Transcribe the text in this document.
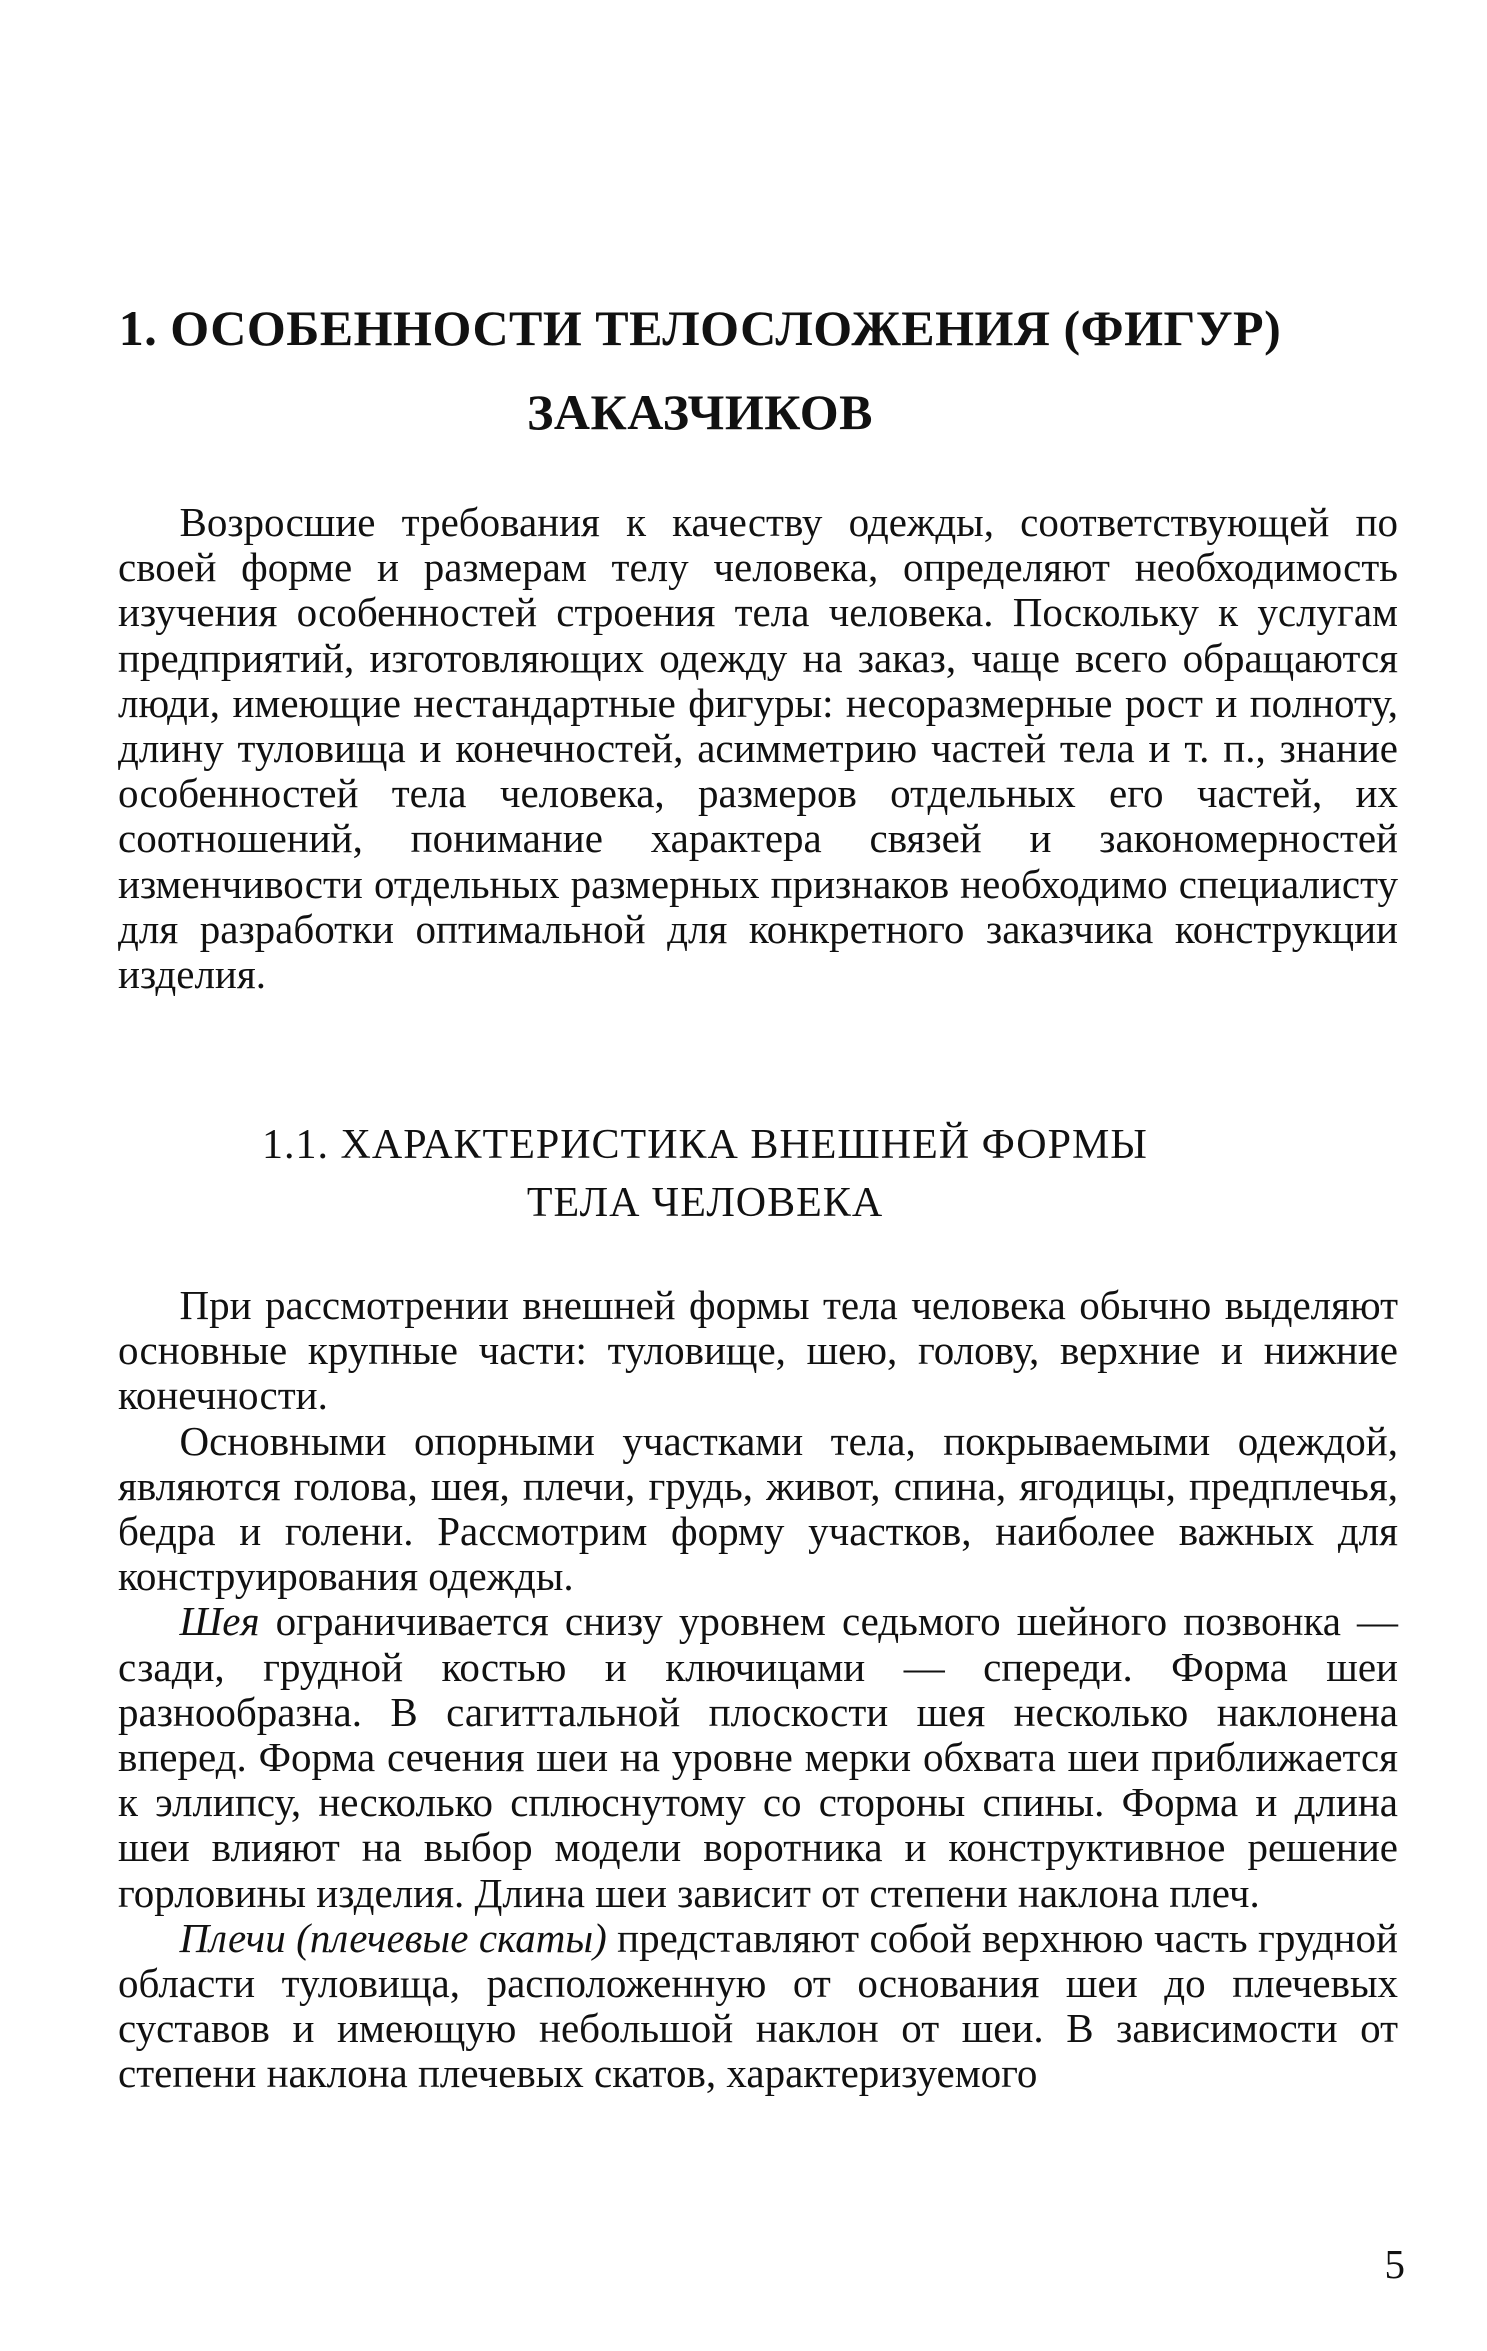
1. ОСОБЕННОСТИ ТЕЛОСЛОЖЕНИЯ (ФИГУР)
ЗАКАЗЧИКОВ

Возросшие требования к качеству одежды, соответствующей по своей форме и размерам телу человека, определяют необходимость изучения особенностей строения тела человека. Поскольку к услугам предприятий, изготовляющих одежду на заказ, чаще всего обращаются люди, имеющие нестандартные фигуры: несоразмерные рост и полноту, длину туловища и конечностей, асимметрию частей тела и т. п., знание особенностей тела человека, размеров отдельных его частей, их соотношений, понимание характера связей и закономерностей изменчивости отдельных размерных признаков необходимо специалисту для разработки оптимальной для конкретного заказчика конструкции изделия.

1.1. ХАРАКТЕРИСТИКА ВНЕШНЕЙ ФОРМЫ
ТЕЛА ЧЕЛОВЕКА

При рассмотрении внешней формы тела человека обычно выделяют основные крупные части: туловище, шею, голову, верхние и нижние конечности.

Основными опорными участками тела, покрываемыми одеждой, являются голова, шея, плечи, грудь, живот, спина, ягодицы, предплечья, бедра и голени. Рассмотрим форму участков, наиболее важных для конструирования одежды.

Шея ограничивается снизу уровнем седьмого шейного позвонка — сзади, грудной костью и ключицами — спереди. Форма шеи разнообразна. В сагиттальной плоскости шея несколько наклонена вперед. Форма сечения шеи на уровне мерки обхвата шеи приближается к эллипсу, несколько сплюснутому со стороны спины. Форма и длина шеи влияют на выбор модели воротника и конструктивное решение горловины изделия. Длина шеи зависит от степени наклона плеч.

Плечи (плечевые скаты) представляют собой верхнюю часть грудной области туловища, расположенную от основания шеи до плечевых суставов и имеющую небольшой наклон от шеи. В зависимости от степени наклона плечевых скатов, характеризуемого

5
